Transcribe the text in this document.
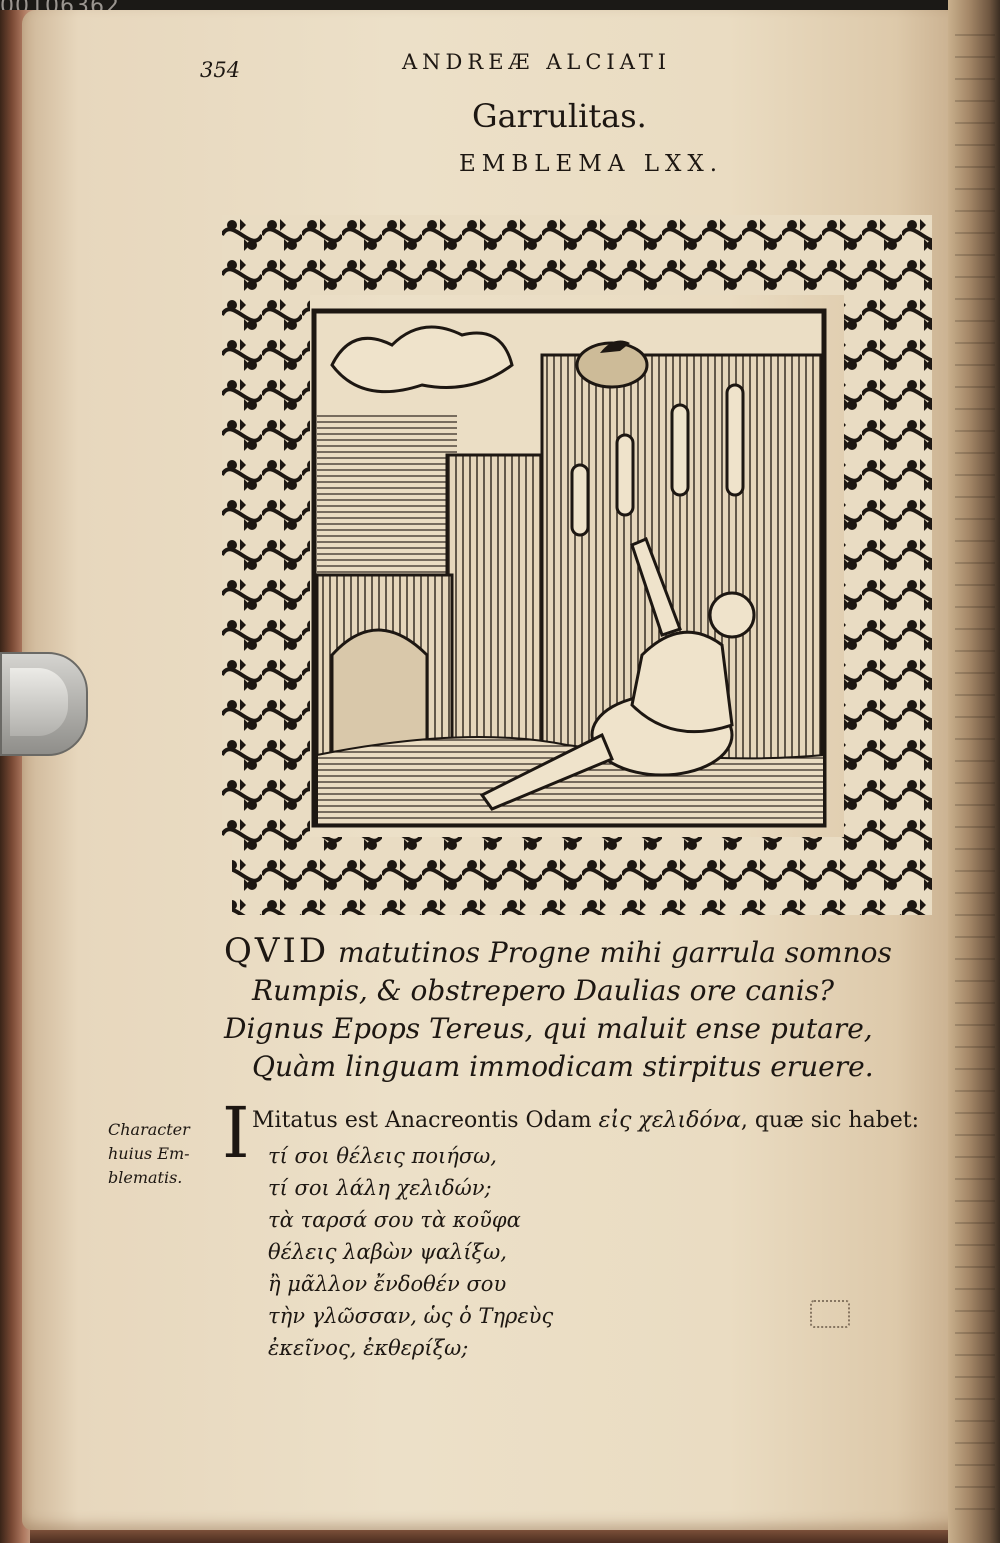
354	ANDREÆ ALCIATI
Garrulitas.
EMBLEMA LXX.
QVID matutinos Progne mihi garrula somnos
Rumpis, & obstrepero Daulias ore canis?
Dignus Epops Tereus, qui maluit ense putare,
Quàm linguam immodicam stirpitus eruere.
Character
huius Em-
blematis.
I Mitatus est Anacreontis Odam εἰς χελιδόνα, quæ sic habet:
τί σοι θέλεις ποιήσω,
τί σοι λάλη χελιδών;
τὰ ταρσά σου τὰ κοῦφα
θέλεις λαβὼν ψαλίξω,
ἢ μᾶλλον ἔνδοθέν σου
τὴν γλῶσσαν, ὡς ὁ Τηρεὺς
ἐκεῖνος, ἐκθερίξω;
